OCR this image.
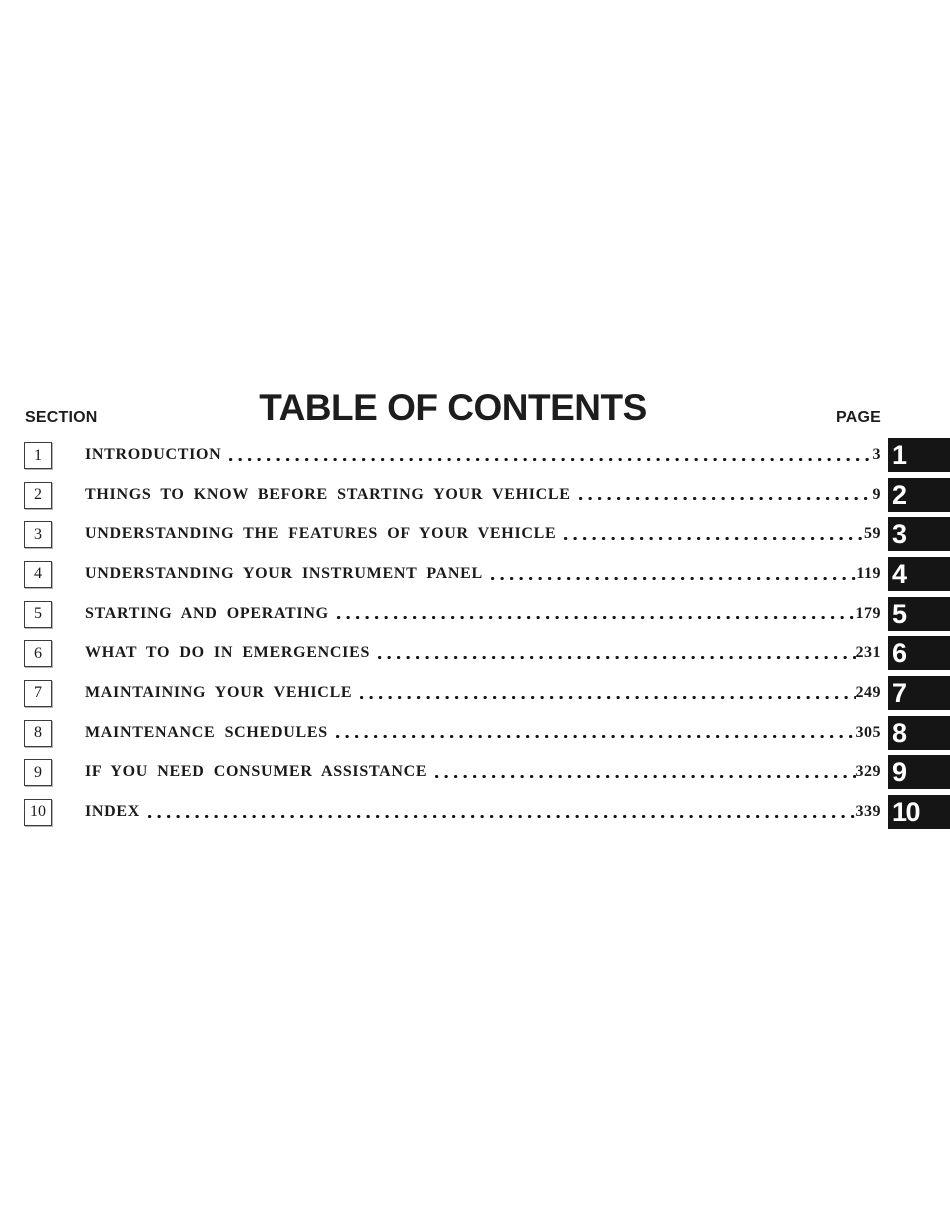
SECTION	TABLE OF CONTENTS	PAGE
1	INTRODUCTION	3 1
2	THINGS TO KNOW BEFORE STARTING YOUR VEHICLE	9 2
3	UNDERSTANDING THE FEATURES OF YOUR VEHICLE	59 3
4	UNDERSTANDING YOUR INSTRUMENT PANEL	119 4
5	STARTING AND OPERATING	179 5
6	WHAT TO DO IN EMERGENCIES	231 6
7	MAINTAINING YOUR VEHICLE	249 7
8	MAINTENANCE SCHEDULES	305 8
9	IF YOU NEED CONSUMER ASSISTANCE	329 9
10 INDEX	339 10
